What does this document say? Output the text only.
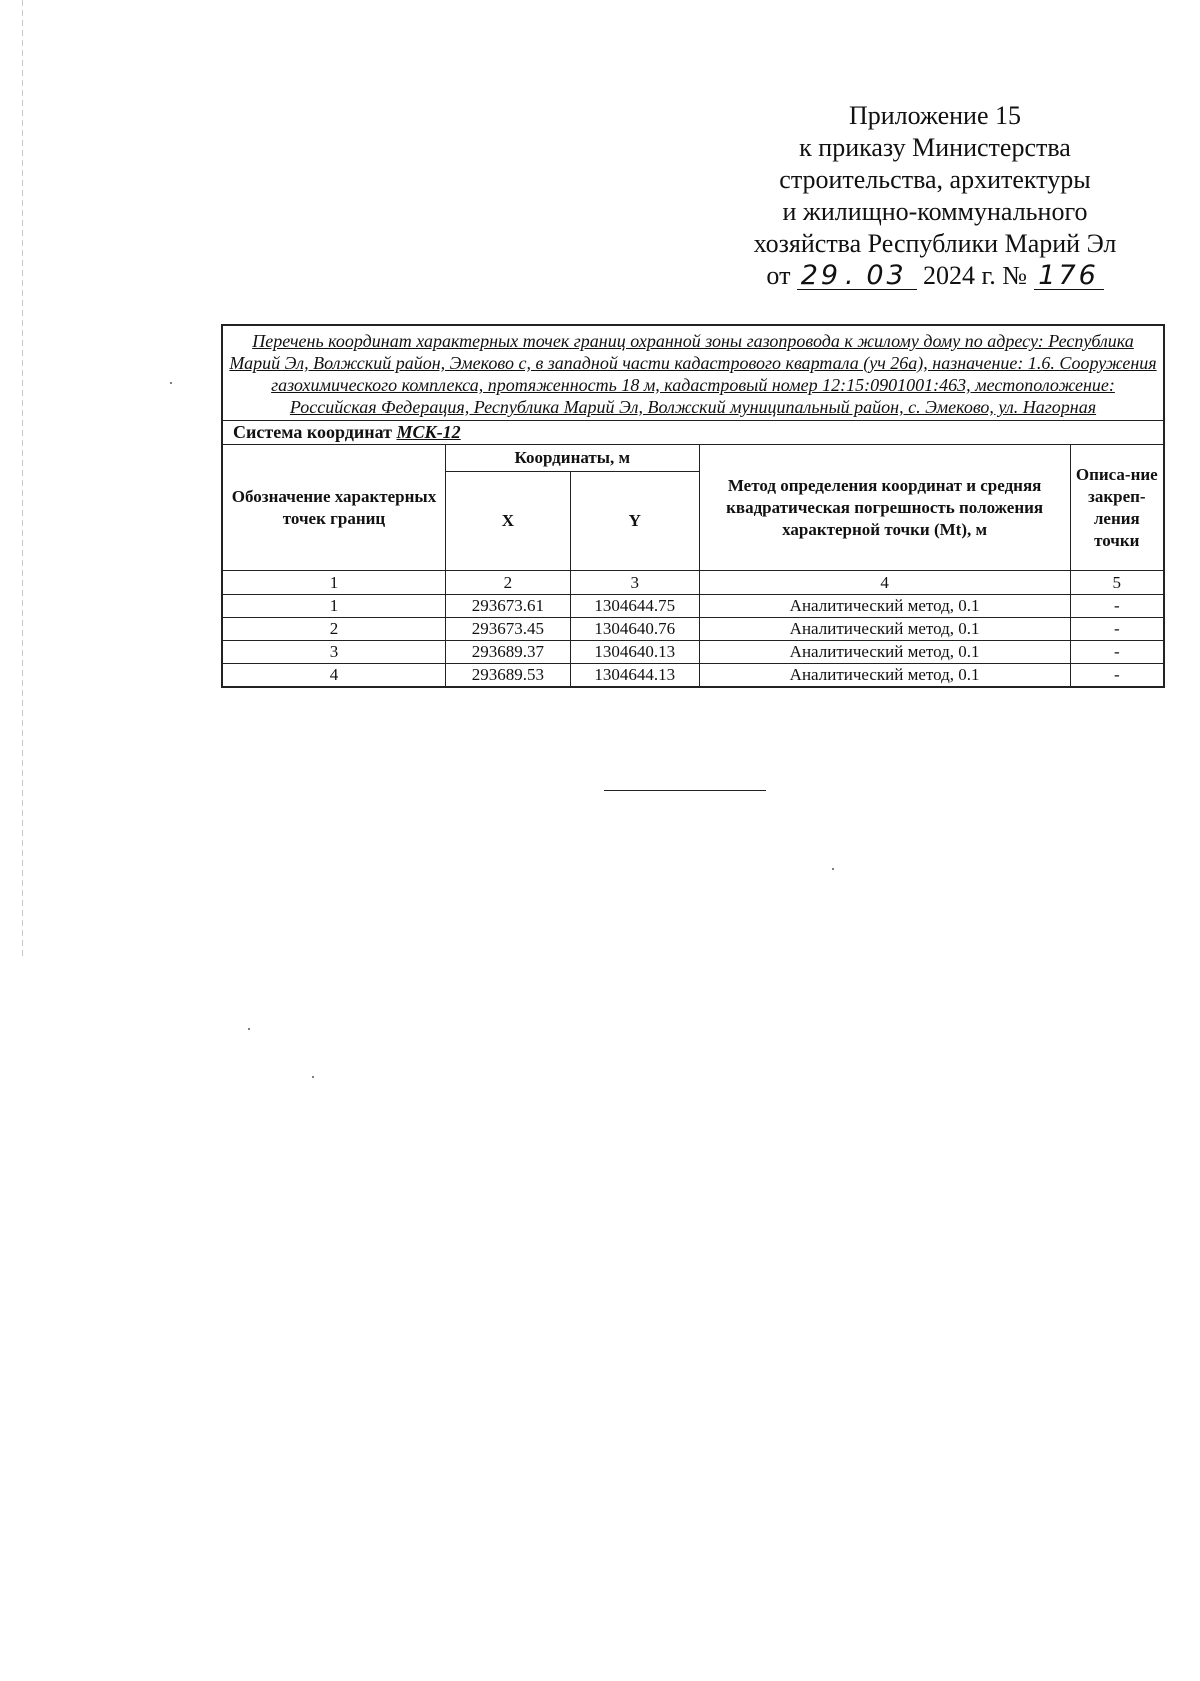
Приложение 15
к приказу Министерства
строительства, архитектуры
и жилищно-коммунального
хозяйства Республики Марий Эл
от 29 . 03 2024 г. № 176
Перечень координат характерных точек границ охранной зоны газопровода к жилому дому по адресу: Республика Марий Эл, Волжский район, Эмеково с, в западной части кадастрового квартала (уч 26а), назначение: 1.6. Сооружения газохимического комплекса, протяженность 18 м, кадастровый номер 12:15:0901001:463, местоположение: Российская Федерация, Республика Марий Эл, Волжский муниципальный район, с. Эмеково, ул. Нагорная				
Система координат МСК-12				
Обозначение характерных точек границ	Координаты, м		Метод определения координат и средняя квадратическая погрешность положения характерной точки (Mt), м	Описа-ние закреп-ления точки
	X	Y		
1	2	3	4	5
1	293673.61	1304644.75	Аналитический метод, 0.1	-
2	293673.45	1304640.76	Аналитический метод, 0.1	-
3	293689.37	1304640.13	Аналитический метод, 0.1	-
4	293689.53	1304644.13	Аналитический метод, 0.1	-
